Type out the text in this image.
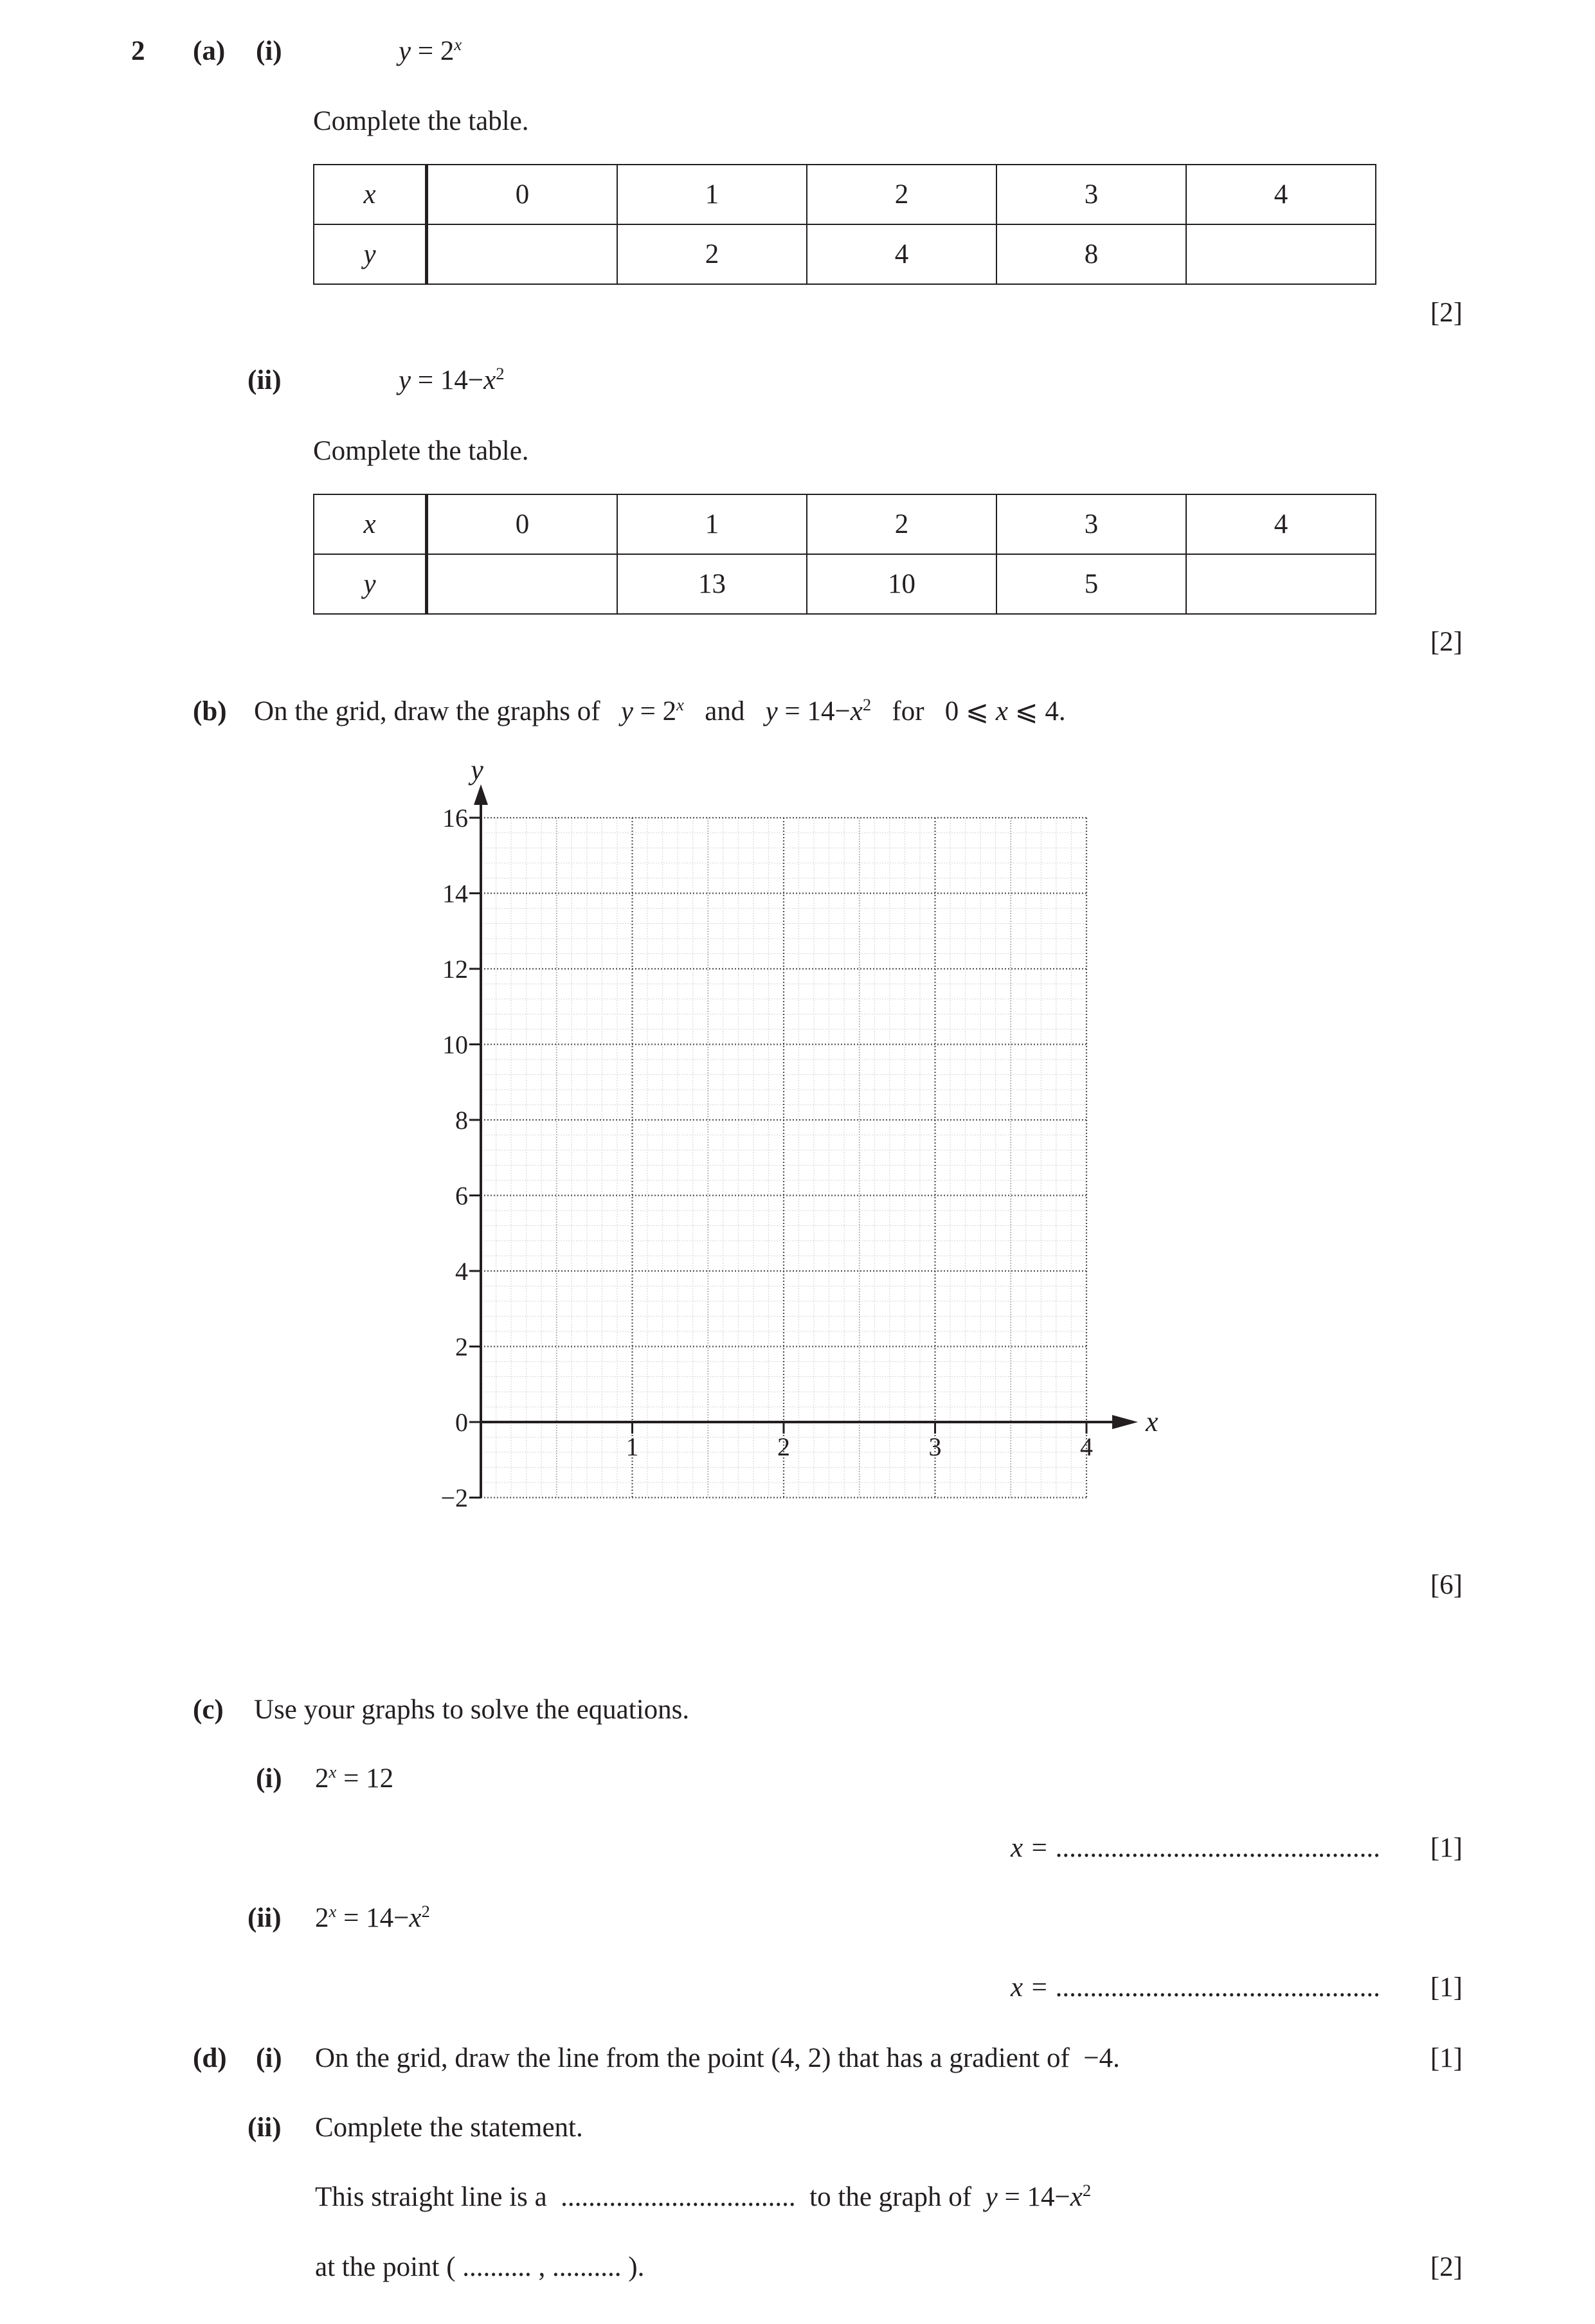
2 (a) (i)	$y = 2^x$
Complete the table.
x	0	1	2	3	4
y		2	4	8	
[2]
(ii)	$y = 14-x^2$
Complete the table.
x	0	1	2	3	4
y		13	10	5	
[2]
(b) On the grid, draw the graphs of $y = 2^x$ and $y = 14-x^2$ for 0 ⩽ x ⩽ 4.
y
x
16
14
12
10
8
6
4
2
0
−2
1	2	3	4
[6]
(c) Use your graphs to solve the equations.
(i) $2^x = 12$
x = ............................................... [1]
(ii) $2^x = 14-x^2$
x = ............................................... [1]
(d) (i) On the grid, draw the line from the point (4, 2) that has a gradient of −4.	[1]
(ii) Complete the statement.
This straight line is a .................................. to the graph of $y = 14-x^2$
at the point ( .......... , .......... ).	[2]
